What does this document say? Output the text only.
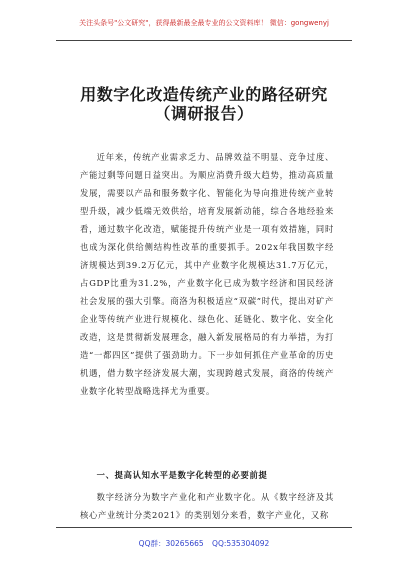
关注头条号"公文研究"，获得最新最全最专业的公文资料库！ 微信：gongwenyj
用数字化改造传统产业的路径研究
（调研报告）
近年来，传统产业需求乏力、品牌效益不明显、竞争过度、产能过剩等问题日益突出。为顺应消费升级大趋势，推动高质量发展，需要以产品和服务数字化、智能化为导向推进传统产业转型升级，减少低端无效供给，培育发展新动能，综合各地经验来看，通过数字化改造，赋能提升传统产业是一项有效措施，同时也成为深化供给侧结构性改革的重要抓手。202x年我国数字经济规模达到39.2万亿元，其中产业数字化规模达31.7万亿元，占GDP比重为31.2%，产业数字化已成为数字经济和国民经济社会发展的强大引擎。商洛为积极适应“双碳”时代，提出对矿产企业等传统产业进行规模化、绿色化、延链化、数字化、安全化改造，这是贯彻新发展理念，融入新发展格局的有力举措，为打造“一都四区”提供了强劲助力。下一步如何抓住产业革命的历史机遇，借力数字经济发展大潮，实现跨越式发展，商洛的传统产业数字化转型战略选择尤为重要。
一、提高认知水平是数字化转型的必要前提
数字经济分为数字产业化和产业数字化。从《数字经济及其核心产业统计分类2021》的类别划分来看，数字产业化，又称
QQ群：30265665 QQ:535304092
